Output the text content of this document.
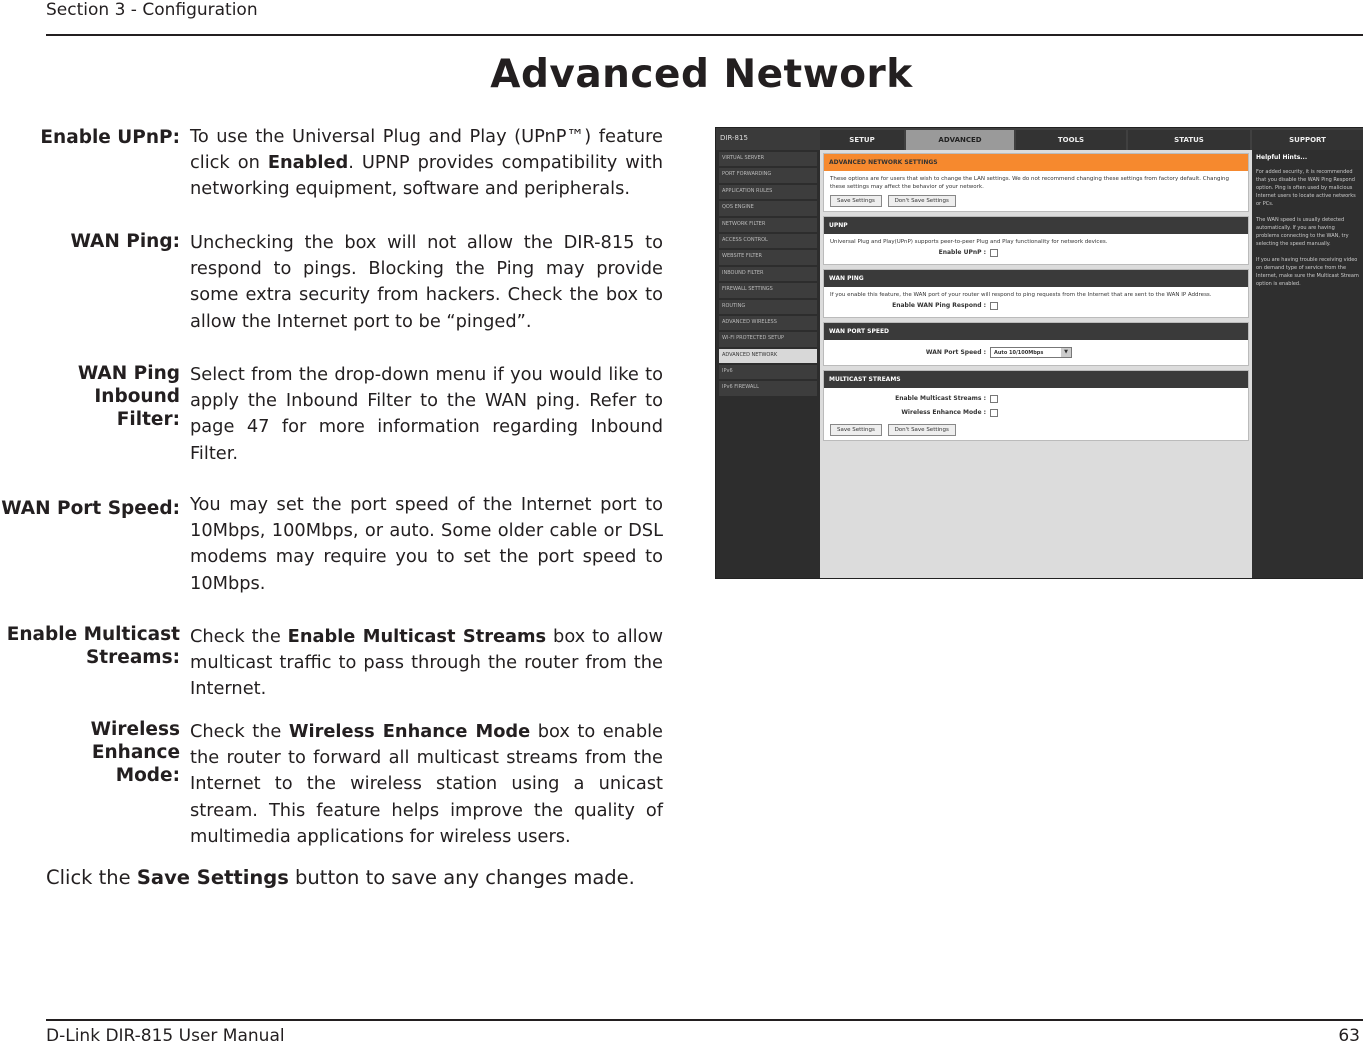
Section 3 - Configuration
Advanced Network
Enable UPnP: To use the Universal Plug and Play (UPnP™) feature click on Enabled. UPNP provides compatibility with networking equipment, software and peripherals.
WAN Ping: Unchecking the box will not allow the DIR-815 to respond to pings. Blocking the Ping may provide some extra security from hackers. Check the box to allow the Internet port to be “pinged”.
WAN Ping Inbound
Filter:
Select from the drop-down menu if you would like to apply the Inbound Filter to the WAN ping. Refer to page 47 for more information regarding Inbound Filter.
WAN Port Speed: You may set the port speed of the Internet port to 10Mbps, 100Mbps, or auto. Some older cable or DSL modems may require you to set the port speed to 10Mbps.
Enable Multicast
Streams:
Check the Enable Multicast Streams box to allow multicast traffic to pass through the router from the Internet.
Wireless Enhance
Mode:
Check the Wireless Enhance Mode box to enable the router to forward all multicast streams from the Internet to the wireless station using a unicast stream. This feature helps improve the quality of multimedia applications for wireless users.
Click the Save Settings button to save any changes made.
DIR-815	SETUP	ADVANCED	TOOLS	STATUS	SUPPORT
VIRTUAL SERVER
PORT FORWARDING
APPLICATION RULES
QOS ENGINE
NETWORK FILTER
ACCESS CONTROL
WEBSITE FILTER
INBOUND FILTER
FIREWALL SETTINGS
ROUTING
ADVANCED WIRELESS
WI-FI PROTECTED SETUP
ADVANCED NETWORK
IPv6
IPv6 FIREWALL
ADVANCED NETWORK SETTINGS
These options are for users that wish to change the LAN settings. We do not recommend changing these settings from factory default. Changing these settings may affect the behavior of your network.
Save Settings	Don't Save Settings
UPNP
Universal Plug and Play(UPnP) supports peer-to-peer Plug and Play functionality for network devices.
Enable UPnP :
WAN PING
If you enable this feature, the WAN port of your router will respond to ping requests from the Internet that are sent to the WAN IP Address.
Enable WAN Ping Respond :
WAN PORT SPEED
WAN Port Speed :	Auto 10/100Mbps	▼
MULTICAST STREAMS
Enable Multicast Streams :
Wireless Enhance Mode :
Save Settings	Don't Save Settings
Helpful Hints...

For added security, it is recommended that you disable the WAN Ping Respond option. Ping is often used by malicious Internet users to locate active networks or PCs.

The WAN speed is usually detected automatically. If you are having problems connecting to the WAN, try selecting the speed manually.

If you are having trouble receiving video on demand type of service from the Internet, make sure the Multicast Stream option is enabled.

D-Link DIR-815 User Manual	63
